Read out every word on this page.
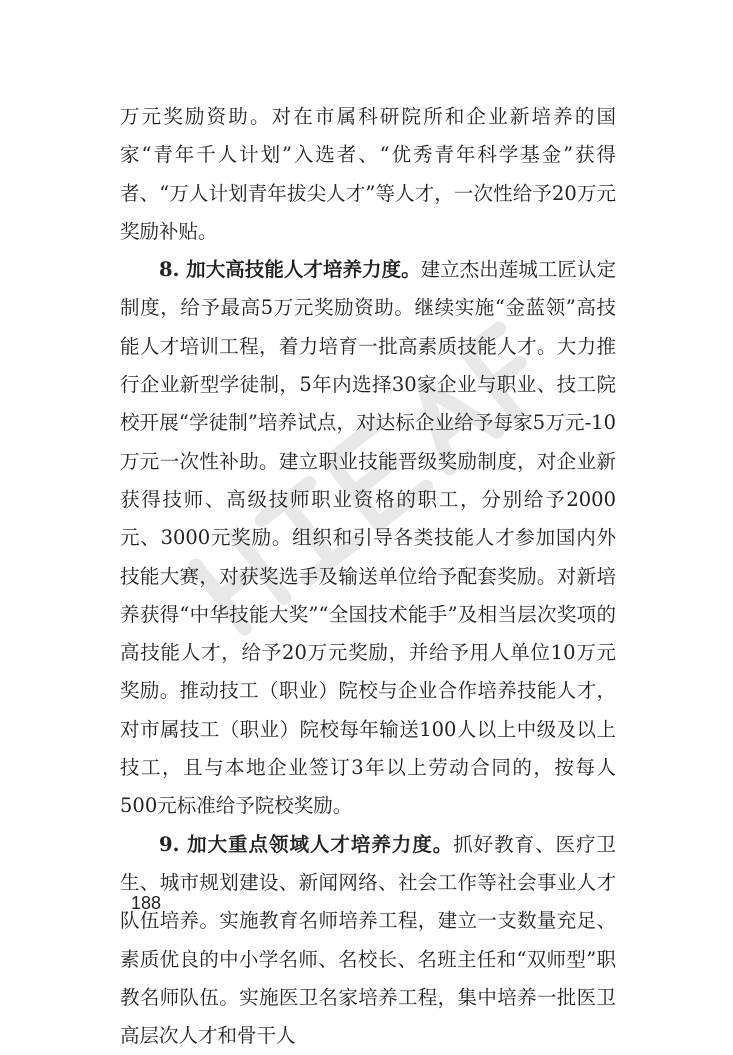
万元奖励资助。对在市属科研院所和企业新培养的国家“青年千人计划”入选者、“优秀青年科学基金”获得者、“万人计划青年拔尖人才”等人才，一次性给予20万元奖励补贴。

8. 加大高技能人才培养力度。建立杰出莲城工匠认定制度，给予最高5万元奖励资助。继续实施“金蓝领”高技能人才培训工程，着力培育一批高素质技能人才。大力推行企业新型学徒制，5年内选择30家企业与职业、技工院校开展“学徒制”培养试点，对达标企业给予每家5万元-10万元一次性补助。建立职业技能晋级奖励制度，对企业新获得技师、高级技师职业资格的职工，分别给予2000元、3000元奖励。组织和引导各类技能人才参加国内外技能大赛，对获奖选手及输送单位给予配套奖励。对新培养获得“中华技能大奖”“全国技术能手”及相当层次奖项的高技能人才，给予20万元奖励，并给予用人单位10万元奖励。推动技工（职业）院校与企业合作培养技能人才，对市属技工（职业）院校每年输送100人以上中级及以上技工，且与本地企业签订3年以上劳动合同的，按每人500元标准给予院校奖励。

9. 加大重点领域人才培养力度。抓好教育、医疗卫生、城市规划建设、新闻网络、社会工作等社会事业人才队伍培养。实施教育名师培养工程，建立一支数量充足、素质优良的中小学名师、名校长、名班主任和“双师型”职教名师队伍。实施医卫名家培养工程，集中培养一批医卫高层次人才和骨干人

188
